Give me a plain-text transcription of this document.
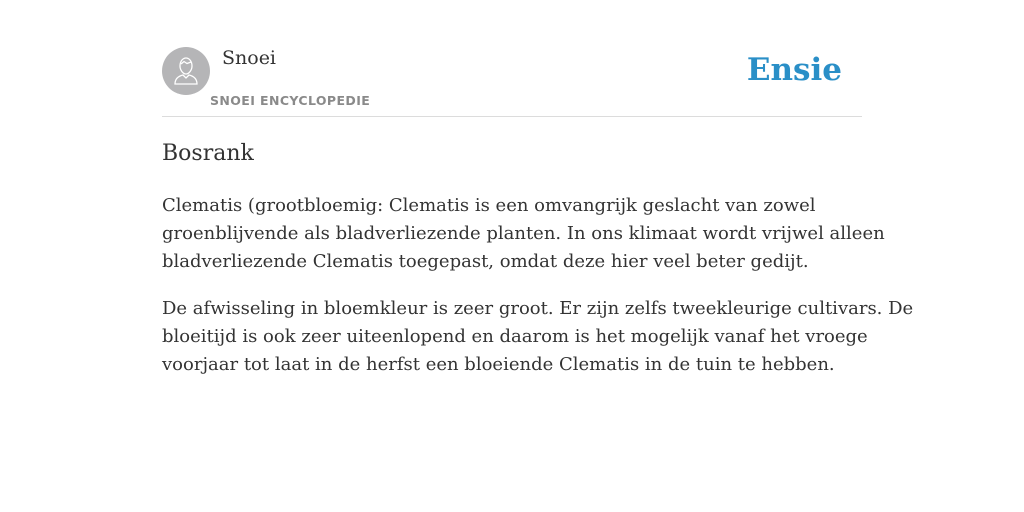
Snoei
SNOEI ENCYCLOPEDIE
Ensie
Bosrank

Clematis (grootbloemig: Clematis is een omvangrijk geslacht van zowel
groenblijvende als bladverliezende planten. In ons klimaat wordt vrijwel alleen
bladverliezende Clematis toegepast, omdat deze hier veel beter gedijt.

De afwisseling in bloemkleur is zeer groot. Er zijn zelfs tweekleurige cultivars. De
bloeitijd is ook zeer uiteenlopend en daarom is het mogelijk vanaf het vroege
voorjaar tot laat in de herfst een bloeiende Clematis in de tuin te hebben.
